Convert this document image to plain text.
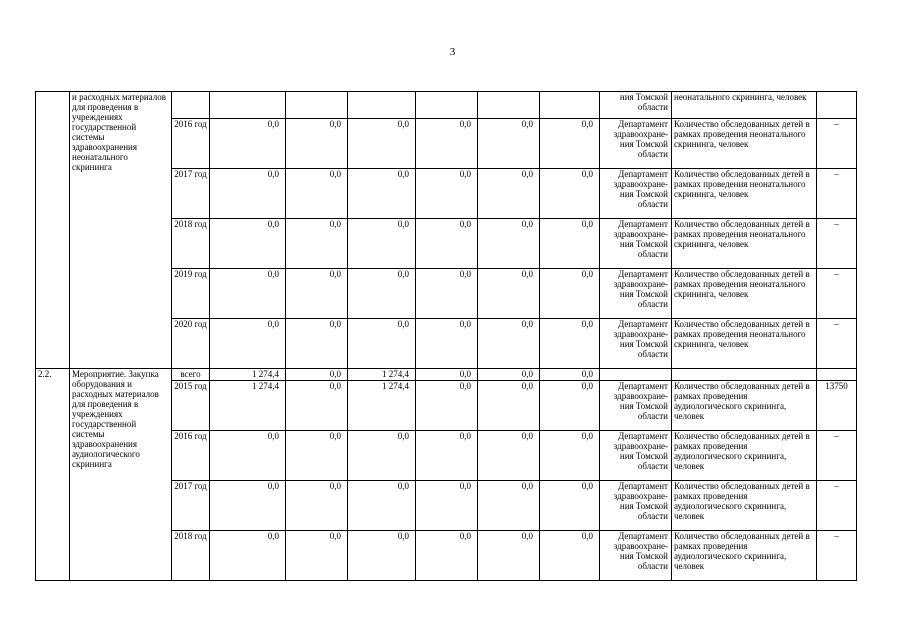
3
	и расходных материалов для проведения в учреждениях государственной системы здравоохранения неонатального скрининга								ния Томской области	неонатального скрининга, человек	
		2016 год	0,0	0,0	0,0	0,0	0,0	0,0	Департамент здравоохране-ния Томской области	Количество обследованных детей в рамках проведения неонатального скрининга, человек	–
		2017 год	0,0	0,0	0,0	0,0	0,0	0,0	Департамент здравоохране-ния Томской области	Количество обследованных детей в рамках проведения неонатального скрининга, человек	–
		2018 год	0,0	0,0	0,0	0,0	0,0	0,0	Департамент здравоохране-ния Томской области	Количество обследованных детей в рамках проведения неонатального скрининга, человек	–
		2019 год	0,0	0,0	0,0	0,0	0,0	0,0	Департамент здравоохране-ния Томской области	Количество обследованных детей в рамках проведения неонатального скрининга, человек	–
		2020 год	0,0	0,0	0,0	0,0	0,0	0,0	Департамент здравоохране-ния Томской области	Количество обследованных детей в рамках проведения неонатального скрининга, человек	–
2.2.	Мероприятие. Закупка оборудования и расходных материалов для проведения в учреждениях государственной системы здравоохранения аудиологического скрининга	всего	1 274,4	0,0	1 274,4	0,0	0,0	0,0			
		2015 год	1 274,4	0,0	1 274,4	0,0	0,0	0,0	Департамент здравоохране-ния Томской области	Количество обследованных детей в рамках проведения аудиологического скрининга, человек	13750
		2016 год	0,0	0,0	0,0	0,0	0,0	0,0	Департамент здравоохране-ния Томской области	Количество обследованных детей в рамках проведения аудиологического скрининга, человек	–
		2017 год	0,0	0,0	0,0	0,0	0,0	0,0	Департамент здравоохране-ния Томской области	Количество обследованных детей в рамках проведения аудиологического скрининга, человек	–
		2018 год	0,0	0,0	0,0	0,0	0,0	0,0	Департамент здравоохране-ния Томской области	Количество обследованных детей в рамках проведения аудиологического скрининга, человек	–
